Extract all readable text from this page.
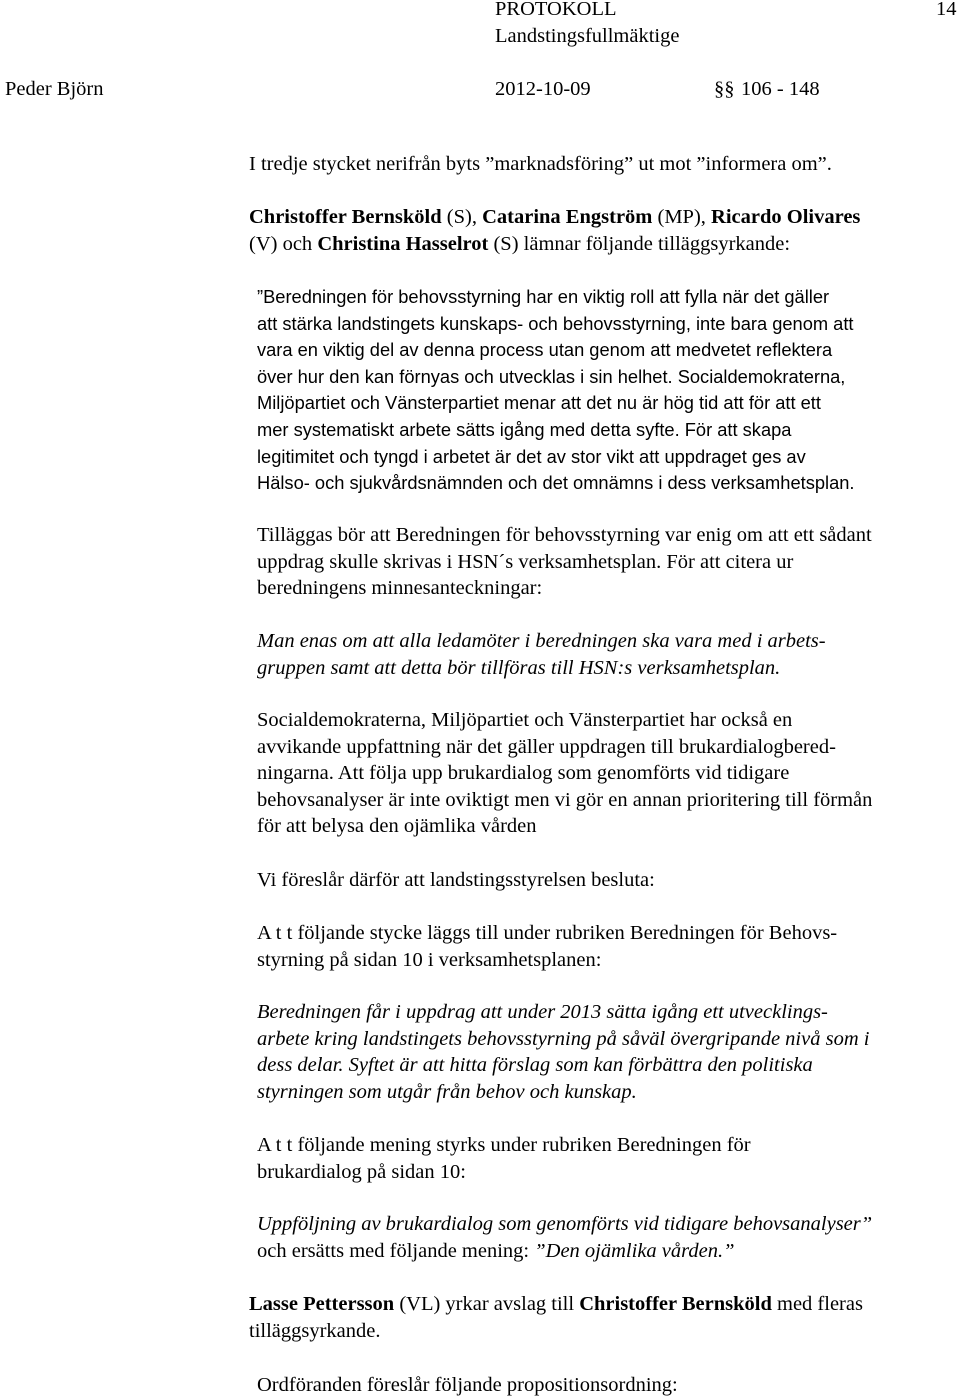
PROTOKOLL
Landstingsfullmäktige
14
Peder Björn	2012-10-09	§§ 106 - 148
I tredje stycket nerifrån byts ”marknadsföring” ut mot ”informera om”.
Christoffer Bernsköld (S), Catarina Engström (MP), Ricardo Olivares
(V) och Christina Hasselrot (S) lämnar följande tilläggsyrkande:
”Beredningen för behovsstyrning har en viktig roll att fylla när det gäller
att stärka landstingets kunskaps- och behovsstyrning, inte bara genom att
vara en viktig del av denna process utan genom att medvetet reflektera
över hur den kan förnyas och utvecklas i sin helhet. Socialdemokraterna,
Miljöpartiet och Vänsterpartiet menar att det nu är hög tid att för att ett
mer systematiskt arbete sätts igång med detta syfte. För att skapa
legitimitet och tyngd i arbetet är det av stor vikt att uppdraget ges av
Hälso- och sjukvårdsnämnden och det omnämns i dess verksamhetsplan.
Tilläggas bör att Beredningen för behovsstyrning var enig om att ett sådant
uppdrag skulle skrivas i HSN´s verksamhetsplan. För att citera ur
beredningens minnesanteckningar:
Man enas om att alla ledamöter i beredningen ska vara med i arbets-
gruppen samt att detta bör tillföras till HSN:s verksamhetsplan.
Socialdemokraterna, Miljöpartiet och Vänsterpartiet har också en
avvikande uppfattning när det gäller uppdragen till brukardialogbered-
ningarna. Att följa upp brukardialog som genomförts vid tidigare
behovsanalyser är inte oviktigt men vi gör en annan prioritering till förmån
för att belysa den ojämlika vården
Vi föreslår därför att landstingsstyrelsen besluta:
A t t följande stycke läggs till under rubriken Beredningen för Behovs-
styrning på sidan 10 i verksamhetsplanen:
Beredningen får i uppdrag att under 2013 sätta igång ett utvecklings-
arbete kring landstingets behovsstyrning på såväl övergripande nivå som i
dess delar. Syftet är att hitta förslag som kan förbättra den politiska
styrningen som utgår från behov och kunskap.
A t t följande mening styrks under rubriken Beredningen för
brukardialog på sidan 10:
Uppföljning av brukardialog som genomförts vid tidigare behovsanalyser”
och ersätts med följande mening: ”Den ojämlika vården.”
Lasse Pettersson (VL) yrkar avslag till Christoffer Bernsköld med fleras
tilläggsyrkande.
Ordföranden föreslår följande propositionsordning:
